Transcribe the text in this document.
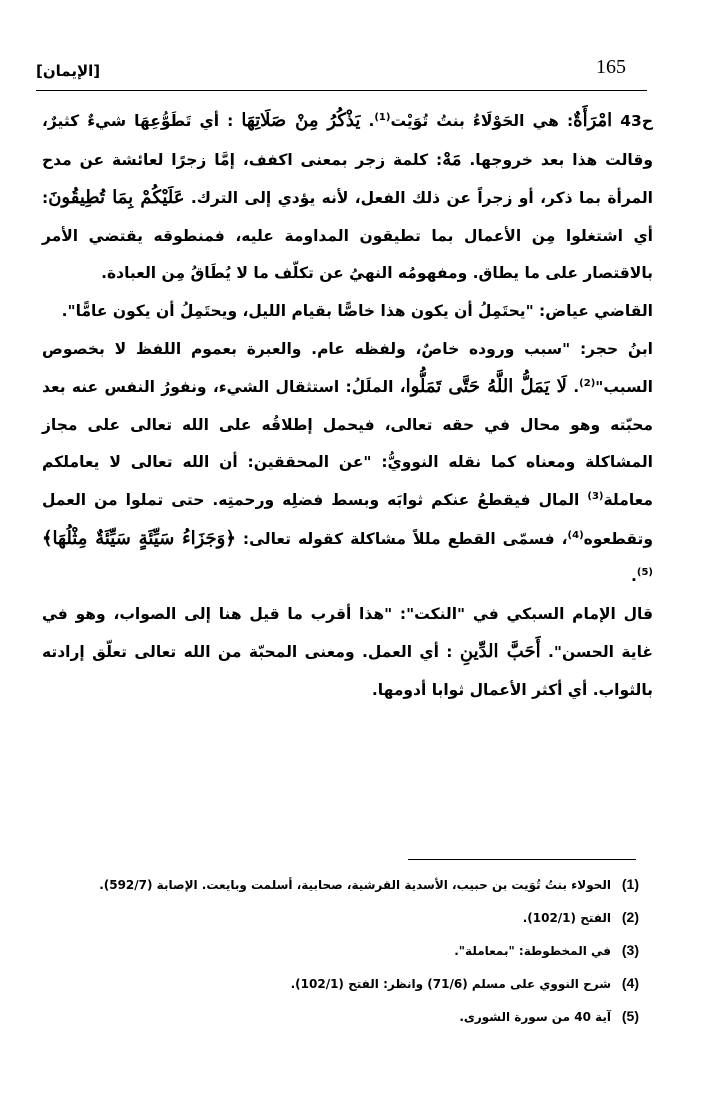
165
[الإيمان]

ح43 امْرَأَةٌ: هي الحَوْلَاءُ بنتُ تُوَيْت$^{(1)}$. يَذْكُرُ مِنْ صَلَاتِهَا : أي تَطَوُّعِهَا شيءٌ كثيرٌ، وقالت هذا بعد خروجها. مَهْ: كلمة زجر بمعنى اكفف، إمَّا زجرًا لعائشة عن مدح المرأة بما ذكر، أو زجراً عن ذلك الفعل، لأنه يؤدي إلى الترك. عَلَيْكُمْ بِمَا تُطِيقُونَ: أي اشتغلوا مِن الأعمال بما تطيقون المداومة عليه، فمنطوقه يقتضي الأمر بالاقتصار على ما يطاق. ومفهومُه النهيُ عن تكلّف ما لا يُطَاقُ مِن العبادة.

القاضي عياض: "يحتَمِلُ أن يكون هذا خاصًّا بقيام الليل، ويحتَمِلُ أن يكون عامًّا".

ابنُ حجر: "سبب وروده خاصٌ، ولفظه عام. والعبرة بعموم اللفظ لا بخصوص السبب"$^{(2)}$. لَا يَمَلُّ اللَّهُ حَتَّى تَمَلُّوا، الملَلُ: استثقال الشيء، ونفورُ النفس عنه بعد محبّته وهو محال في حقه تعالى، فيحمل إطلاقُه على الله تعالى على مجاز المشاكلة ومعناه كما نقله النوويُّ: "عن المحققين: أن الله تعالى لا يعاملكم معاملة$^{(3)}$ المال فيقطعُ عنكم ثوابَه وبسط فضلِه ورحمتِه. حتى تملوا من العمل وتقطعوه$^{(4)}$، فسمّى القطع مللاً مشاكلة كقوله تعالى: ﴿وَجَزَاءُ سَيِّئَةٍ سَيِّئَةٌ مِثْلُهَا﴾$^{(5)}$.

قال الإمام السبكي في "النكت": "هذا أقرب ما قيل هنا إلى الصواب، وهو في غاية الحسن". أَحَبَّ الدِّينِ : أي العمل. ومعنى المحبّة من الله تعالى تعلّق إرادته بالثواب. أي أكثر الأعمال ثوابا أدومها.

(1)
الحولاء بنتُ تُوَيت بن حبيب، الأسدية القرشية، صحابية، أسلمت وبايعت. الإصابة (592/7).
(2)
الفتح (102/1).
(3)
في المخطوطة: "بمعاملة".
(4)
شرح النووي على مسلم (71/6) وانظر: الفتح (102/1).
(5)
آية 40 من سورة الشورى.
